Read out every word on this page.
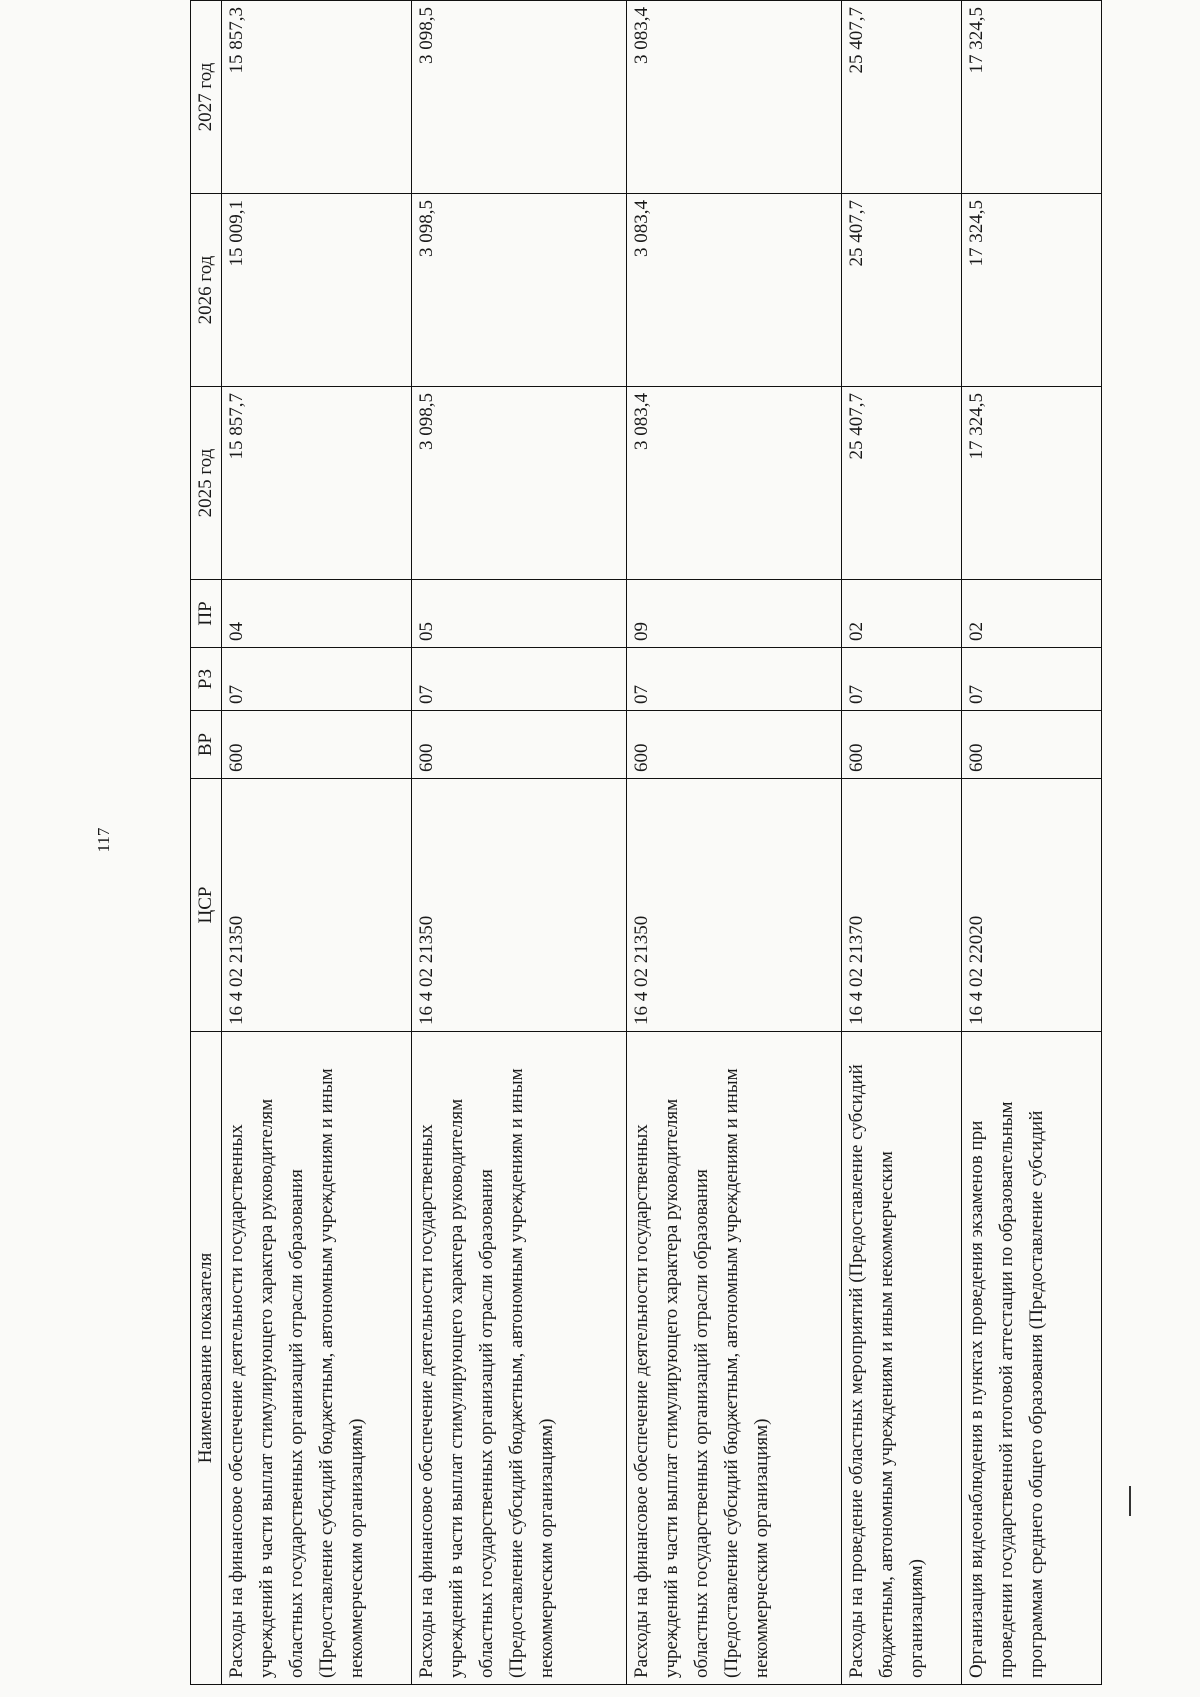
117
Наименование показателя	ЦСР	ВР	РЗ	ПР	2025 год	2026 год	2027 год
Расходы на финансовое обеспечение деятельности государственных учреждений в части выплат стимулирующего характера руководителям областных государственных организаций отрасли образования (Предоставление субсидий бюджетным, автономным учреждениям и иным некоммерческим организациям)	16 4 02 21350	600	07	04	15 857,7	15 009,1	15 857,3
Расходы на финансовое обеспечение деятельности государственных учреждений в части выплат стимулирующего характера руководителям областных государственных организаций отрасли образования (Предоставление субсидий бюджетным, автономным учреждениям и иным некоммерческим организациям)	16 4 02 21350	600	07	05	3 098,5	3 098,5	3 098,5
Расходы на финансовое обеспечение деятельности государственных учреждений в части выплат стимулирующего характера руководителям областных государственных организаций отрасли образования (Предоставление субсидий бюджетным, автономным учреждениям и иным некоммерческим организациям)	16 4 02 21350	600	07	09	3 083,4	3 083,4	3 083,4
Расходы на проведение областных мероприятий (Предоставление субсидий бюджетным, автономным учреждениям и иным некоммерческим организациям)	16 4 02 21370	600	07	02	25 407,7	25 407,7	25 407,7
Организация видеонаблюдения в пунктах проведения экзаменов при проведении государственной итоговой аттестации по образовательным программам среднего общего образования (Предоставление субсидий	16 4 02 22020	600	07	02	17 324,5	17 324,5	17 324,5
